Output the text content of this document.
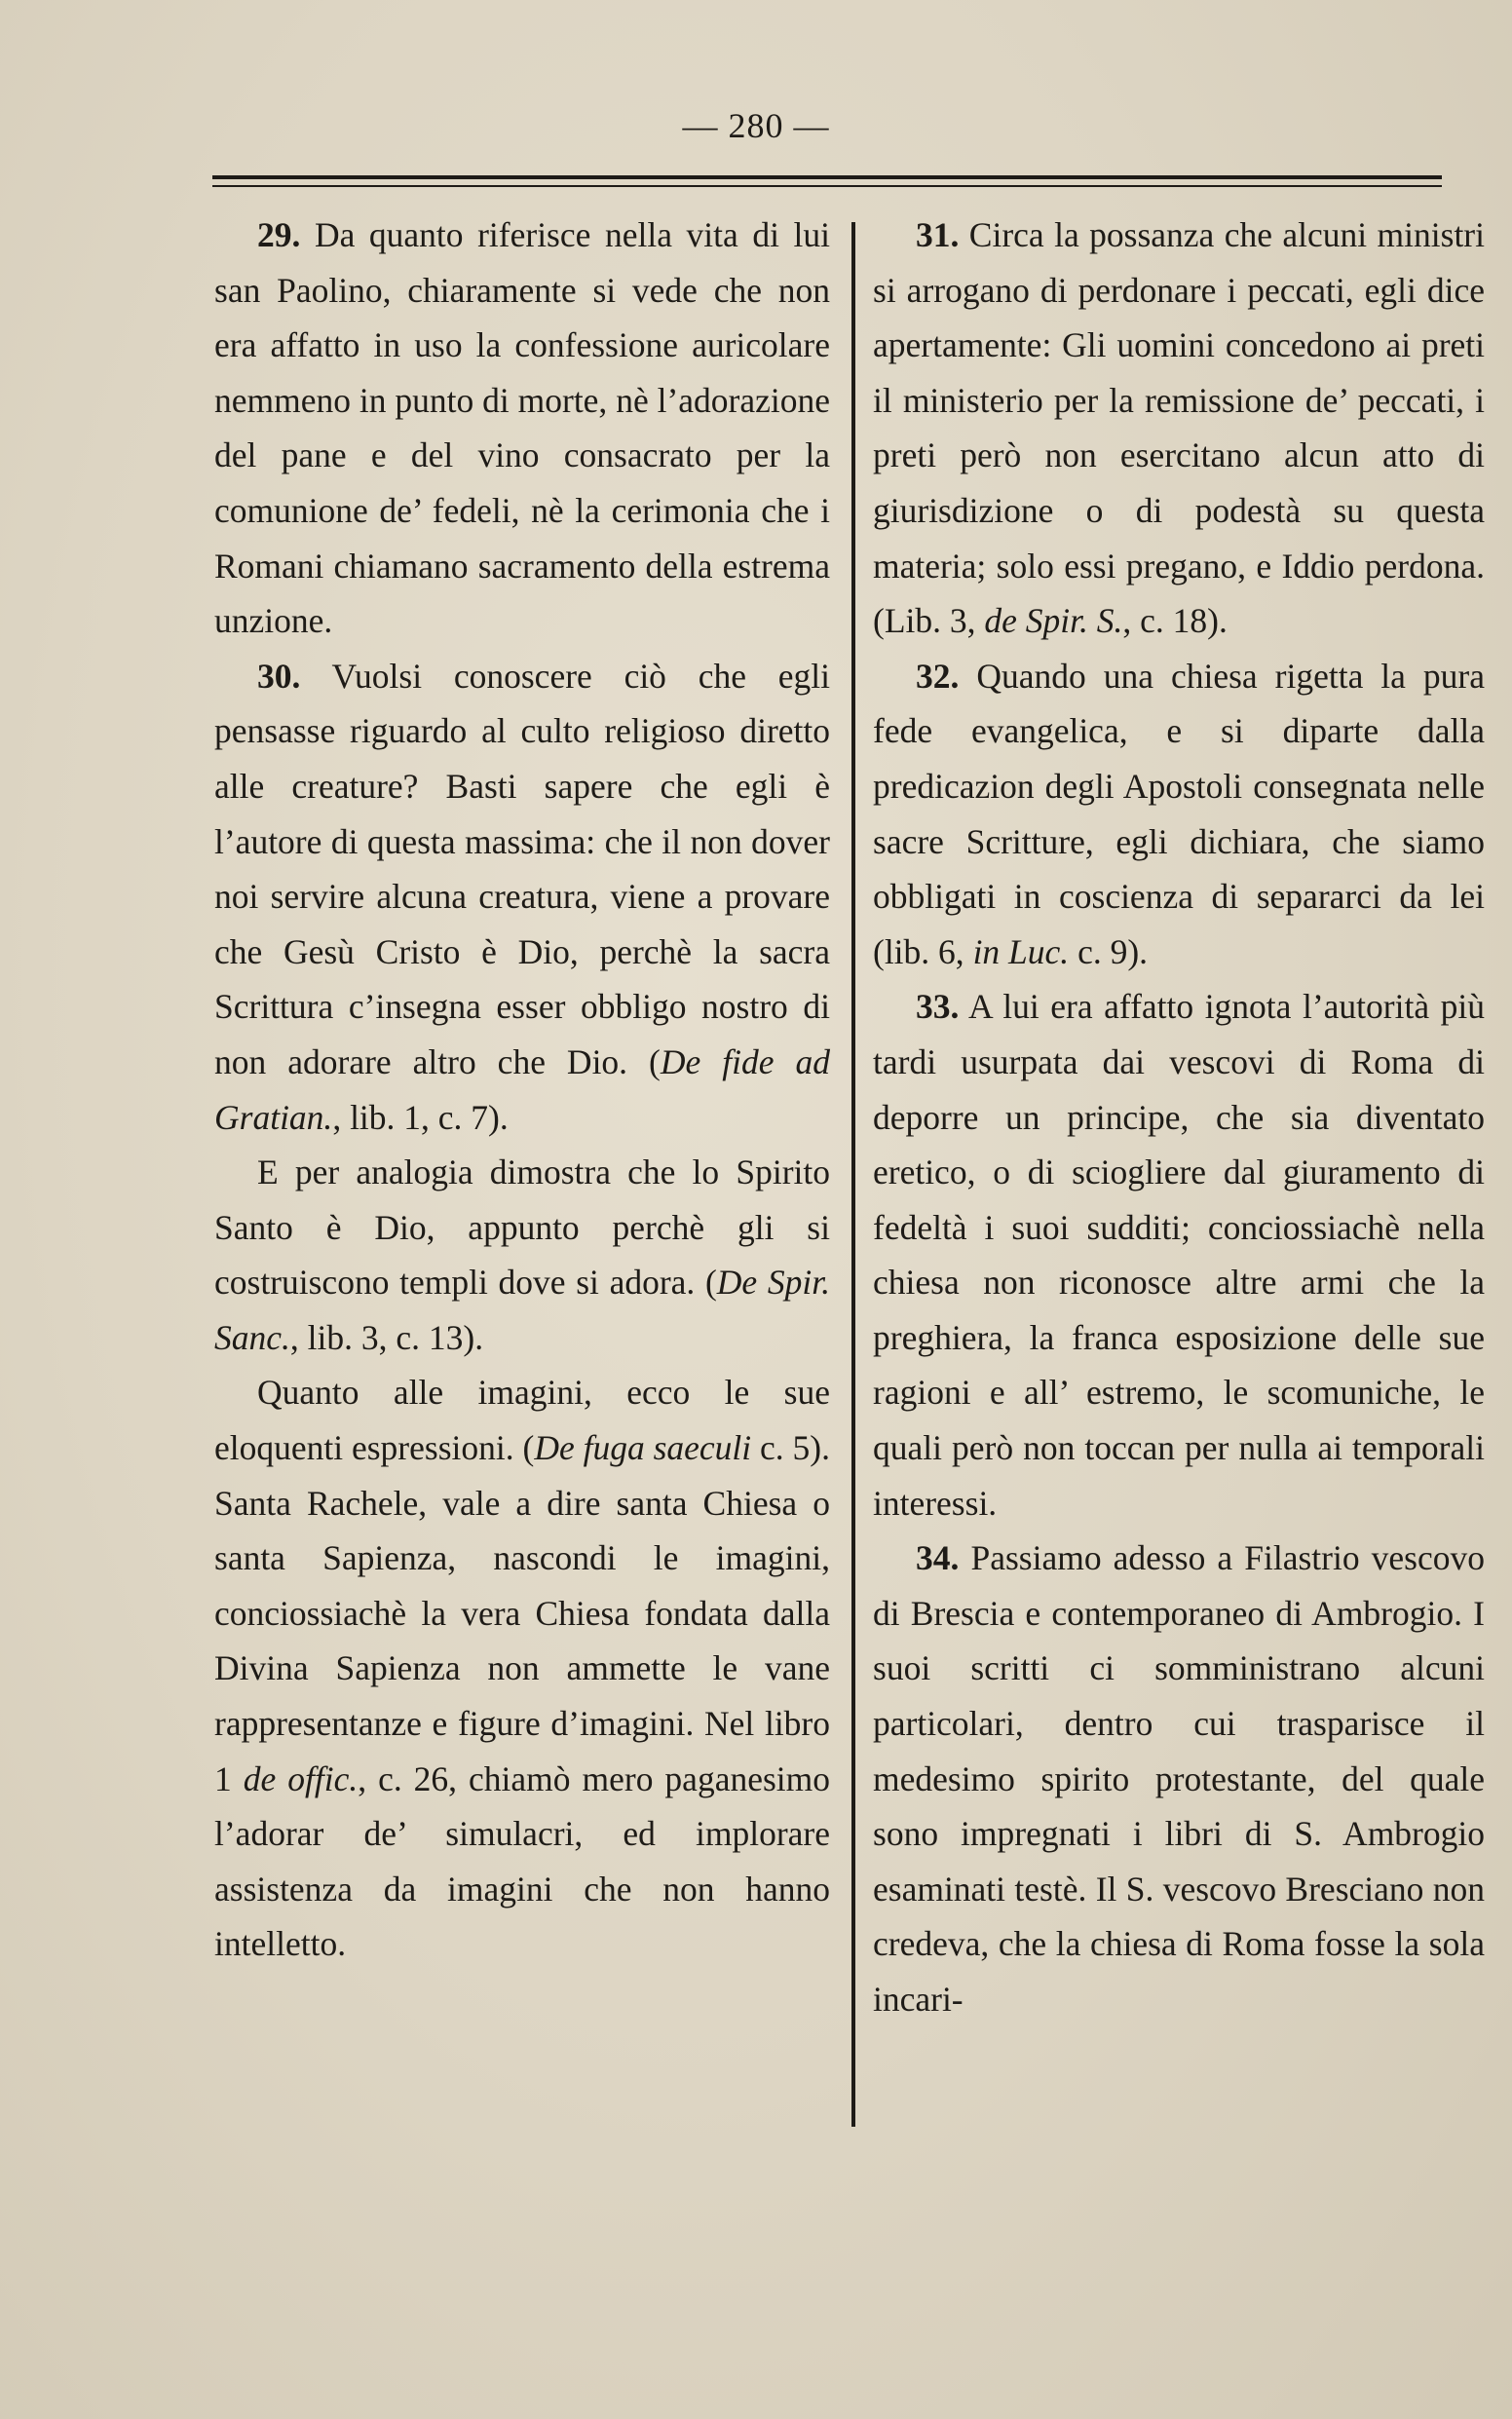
— 280 —

29. Da quanto riferisce nella vita di lui san Paolino, chiaramente si vede che non era affatto in uso la confessione auricolare nemmeno in punto di morte, nè l’adorazione del pane e del vino consacrato per la comunione de’ fedeli, nè la cerimonia che i Romani chiamano sacramento della estrema unzione.

30. Vuolsi conoscere ciò che egli pensasse riguardo al culto religioso diretto alle creature? Basti sapere che egli è l’autore di questa massima: che il non dover noi servire alcuna creatura, viene a provare che Gesù Cristo è Dio, perchè la sacra Scrittura c’insegna esser obbligo nostro di non adorare altro che Dio. (De fide ad Gratian., lib. 1, c. 7).

E per analogia dimostra che lo Spirito Santo è Dio, appunto perchè gli si costruiscono templi dove si adora. (De Spir. Sanc., lib. 3, c. 13).

Quanto alle imagini, ecco le sue eloquenti espressioni. (De fuga saeculi c. 5). Santa Rachele, vale a dire santa Chiesa o santa Sapienza, nascondi le imagini, conciossiachè la vera Chiesa fondata dalla Divina Sapienza non ammette le vane rappresentanze e figure d’imagini. Nel libro 1 de offic., c. 26, chiamò mero paganesimo l’adorar de’ simulacri, ed implorare assistenza da imagini che non hanno intelletto.

31. Circa la possanza che alcuni ministri si arrogano di perdonare i peccati, egli dice apertamente: Gli uomini concedono ai preti il ministerio per la remissione de’ peccati, i preti però non esercitano alcun atto di giurisdizione o di podestà su questa materia; solo essi pregano, e Iddio perdona. (Lib. 3, de Spir. S., c. 18).

32. Quando una chiesa rigetta la pura fede evangelica, e si diparte dalla predicazion degli Apostoli consegnata nelle sacre Scritture, egli dichiara, che siamo obbligati in coscienza di separarci da lei (lib. 6, in Luc. c. 9).

33. A lui era affatto ignota l’autorità più tardi usurpata dai vescovi di Roma di deporre un principe, che sia diventato eretico, o di sciogliere dal giuramento di fedeltà i suoi sudditi; conciossiachè nella chiesa non riconosce altre armi che la preghiera, la franca esposizione delle sue ragioni e all’ estremo, le scomuniche, le quali però non toccan per nulla ai temporali interessi.

34. Passiamo adesso a Filastrio vescovo di Brescia e contemporaneo di Ambrogio. I suoi scritti ci somministrano alcuni particolari, dentro cui trasparisce il medesimo spirito protestante, del quale sono impregnati i libri di S. Ambrogio esaminati testè. Il S. vescovo Bresciano non credeva, che la chiesa di Roma fosse la sola incari-
